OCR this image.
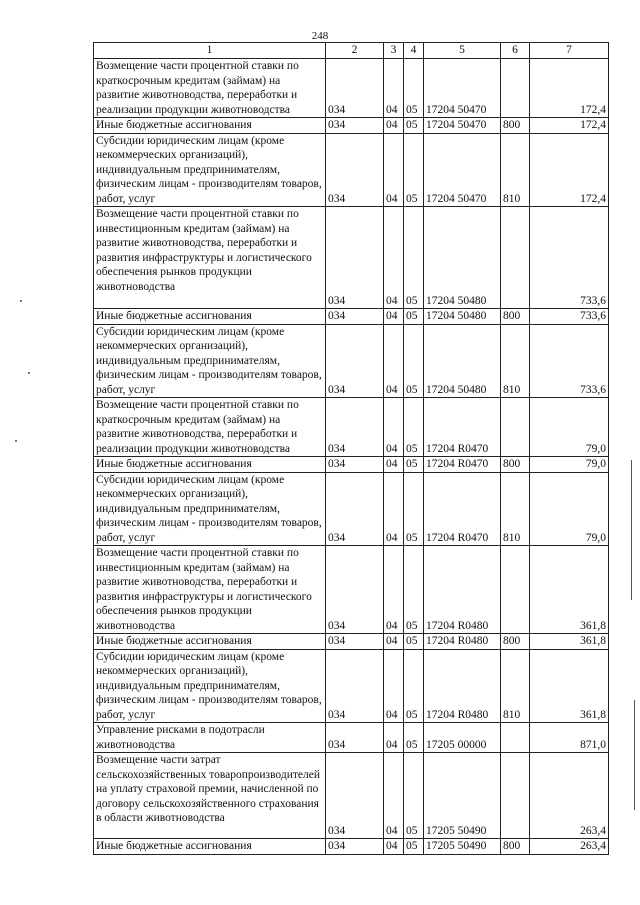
248
1	2	3	4	5	6	7
Возмещение части процентной ставки по краткосрочным кредитам (займам) на развитие животноводства, переработки и реализации продукции животноводства	034	04	05	17204 50470		172,4
Иные бюджетные ассигнования	034	04	05	17204 50470	800	172,4
Субсидии юридическим лицам (кроме некоммерческих организаций), индивидуальным предпринимателям, физическим лицам - производителям товаров, работ, услуг	034	04	05	17204 50470	810	172,4
Возмещение части процентной ставки по инвестиционным кредитам (займам) на развитие животноводства, переработки и развития инфраструктуры и логистического обеспечения рынков продукции животноводства	034	04	05	17204 50480		733,6
Иные бюджетные ассигнования	034	04	05	17204 50480	800	733,6
Субсидии юридическим лицам (кроме некоммерческих организаций), индивидуальным предпринимателям, физическим лицам - производителям товаров, работ, услуг	034	04	05	17204 50480	810	733,6
Возмещение части процентной ставки по краткосрочным кредитам (займам) на развитие животноводства, переработки и реализации продукции животноводства	034	04	05	17204 R0470		79,0
Иные бюджетные ассигнования	034	04	05	17204 R0470	800	79,0
Субсидии юридическим лицам (кроме некоммерческих организаций), индивидуальным предпринимателям, физическим лицам - производителям товаров, работ, услуг	034	04	05	17204 R0470	810	79,0
Возмещение части процентной ставки по инвестиционным кредитам (займам) на развитие животноводства, переработки и развития инфраструктуры и логистического обеспечения рынков продукции животноводства	034	04	05	17204 R0480		361,8
Иные бюджетные ассигнования	034	04	05	17204 R0480	800	361,8
Субсидии юридическим лицам (кроме некоммерческих организаций), индивидуальным предпринимателям, физическим лицам - производителям товаров, работ, услуг	034	04	05	17204 R0480	810	361,8
Управление рисками в подотрасли животноводства	034	04	05	17205 00000		871,0
Возмещение части затрат сельскохозяйственных товаропроизводителей на уплату страховой премии, начисленной по договору сельскохозяйственного страхования в области животноводства	034	04	05	17205 50490		263,4
Иные бюджетные ассигнования	034	04	05	17205 50490	800	263,4
